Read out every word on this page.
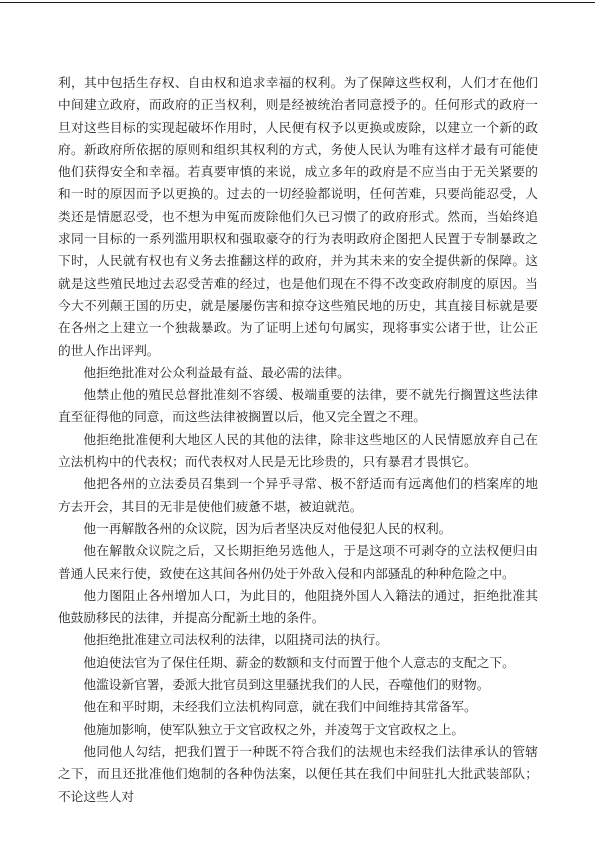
利，其中包括生存权、自由权和追求幸福的权利。为了保障这些权利，人们才在他们中间建立政府，而政府的正当权利，则是经被统治者同意授予的。任何形式的政府一旦对这些目标的实现起破坏作用时，人民便有权予以更换或废除，以建立一个新的政府。新政府所依据的原则和组织其权利的方式，务使人民认为唯有这样才最有可能使他们获得安全和幸福。若真要审慎的来说，成立多年的政府是不应当由于无关紧要的和一时的原因而予以更换的。过去的一切经验都说明，任何苦难，只要尚能忍受，人类还是情愿忍受，也不想为申冤而废除他们久已习惯了的政府形式。然而，当始终追求同一目标的一系列滥用职权和强取豪夺的行为表明政府企图把人民置于专制暴政之下时，人民就有权也有义务去推翻这样的政府，并为其未来的安全提供新的保障。这就是这些殖民地过去忍受苦难的经过，也是他们现在不得不改变政府制度的原因。当今大不列颠王国的历史，就是屡屡伤害和掠夺这些殖民地的历史，其直接目标就是要在各州之上建立一个独裁暴政。为了证明上述句句属实，现将事实公诸于世，让公正的世人作出评判。

他拒绝批准对公众利益最有益、最必需的法律。

他禁止他的殖民总督批准刻不容缓、极端重要的法律，要不就先行搁置这些法律直至征得他的同意，而这些法律被搁置以后，他又完全置之不理。

他拒绝批准便利大地区人民的其他的法律，除非这些地区的人民情愿放弃自己在立法机构中的代表权；而代表权对人民是无比珍贵的，只有暴君才畏惧它。

他把各州的立法委员召集到一个异乎寻常、极不舒适而有远离他们的档案库的地方去开会，其目的无非是使他们疲惫不堪，被迫就范。

他一再解散各州的众议院，因为后者坚决反对他侵犯人民的权利。

他在解散众议院之后，又长期拒绝另选他人，于是这项不可剥夺的立法权便归由普通人民来行使，致使在这其间各州仍处于外敌入侵和内部骚乱的种种危险之中。

他力图阻止各州增加人口，为此目的，他阻挠外国人入籍法的通过，拒绝批准其他鼓励移民的法律，并提高分配新土地的条件。

他拒绝批准建立司法权利的法律，以阻挠司法的执行。

他迫使法官为了保住任期、薪金的数额和支付而置于他个人意志的支配之下。

他滥设新官署，委派大批官员到这里骚扰我们的人民，吞噬他们的财物。

他在和平时期，未经我们立法机构同意，就在我们中间维持其常备军。

他施加影响，使军队独立于文官政权之外，并凌驾于文官政权之上。

他同他人勾结，把我们置于一种既不符合我们的法规也未经我们法律承认的管辖之下，而且还批准他们炮制的各种伪法案，以便任其在我们中间驻扎大批武装部队；不论这些人对
